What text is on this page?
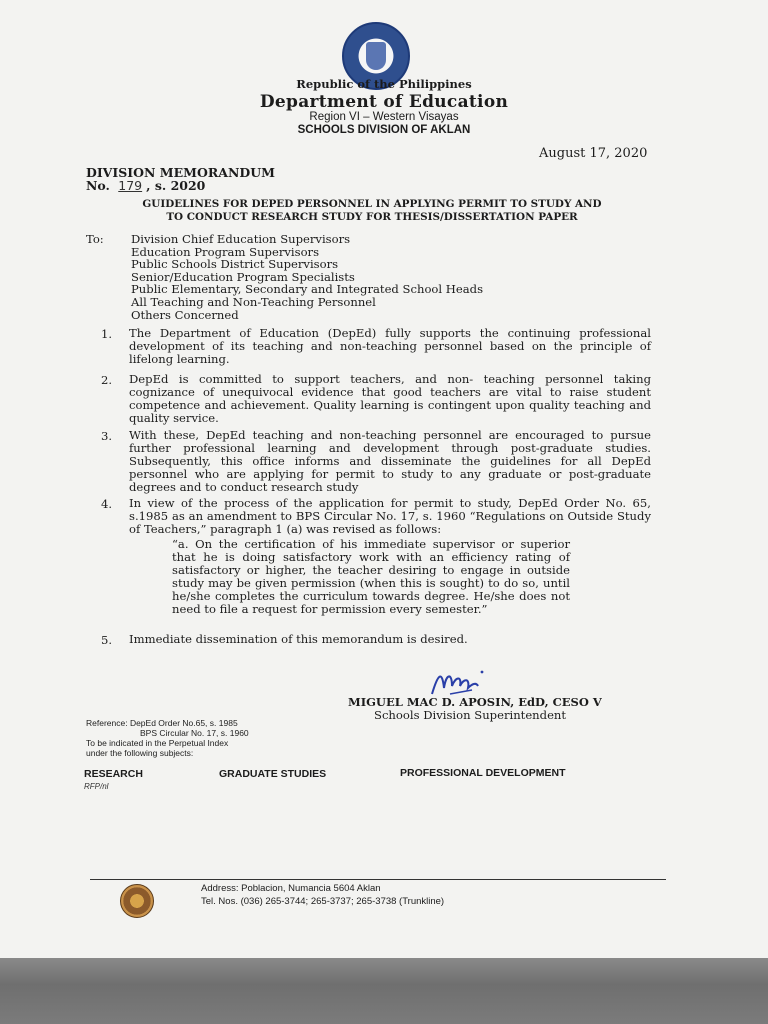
Republic of the Philippines
Department of Education
Region VI – Western Visayas
SCHOOLS DIVISION OF AKLAN
August 17, 2020
DIVISION MEMORANDUM
No. 179 , s. 2020
GUIDELINES FOR DEPED PERSONNEL IN APPLYING PERMIT TO STUDY AND
TO CONDUCT RESEARCH STUDY FOR THESIS/DISSERTATION PAPER
To: Division Chief Education Supervisors
Education Program Supervisors
Public Schools District Supervisors
Senior/Education Program Specialists
Public Elementary, Secondary and Integrated School Heads
All Teaching and Non-Teaching Personnel
Others Concerned
1. The Department of Education (DepEd) fully supports the continuing professional development of its teaching and non-teaching personnel based on the principle of lifelong learning.
2. DepEd is committed to support teachers, and non- teaching personnel taking cognizance of unequivocal evidence that good teachers are vital to raise student competence and achievement. Quality learning is contingent upon quality teaching and quality service.
3. With these, DepEd teaching and non-teaching personnel are encouraged to pursue further professional learning and development through post-graduate studies. Subsequently, this office informs and disseminate the guidelines for all DepEd personnel who are applying for permit to study to any graduate or post-graduate degrees and to conduct research study
4. In view of the process of the application for permit to study, DepEd Order No. 65, s.1985 as an amendment to BPS Circular No. 17, s. 1960 “Regulations on Outside Study of Teachers,” paragraph 1 (a) was revised as follows:
“a. On the certification of his immediate supervisor or superior that he is doing satisfactory work with an efficiency rating of satisfactory or higher, the teacher desiring to engage in outside study may be given permission (when this is sought) to do so, until he/she completes the curriculum towards degree. He/she does not need to file a request for permission every semester.”
5. Immediate dissemination of this memorandum is desired.
MIGUEL MAC D. APOSIN, EdD, CESO V
Schools Division Superintendent
Reference: DepEd Order No.65, s. 1985
BPS Circular No. 17, s. 1960
To be indicated in the Perpetual Index
under the following subjects:
RESEARCH	GRADUATE STUDIES	PROFESSIONAL DEVELOPMENT
RFP/nl
Address: Poblacion, Numancia 5604 Aklan
Tel. Nos. (036) 265-3744; 265-3737; 265-3738 (Trunkline)
